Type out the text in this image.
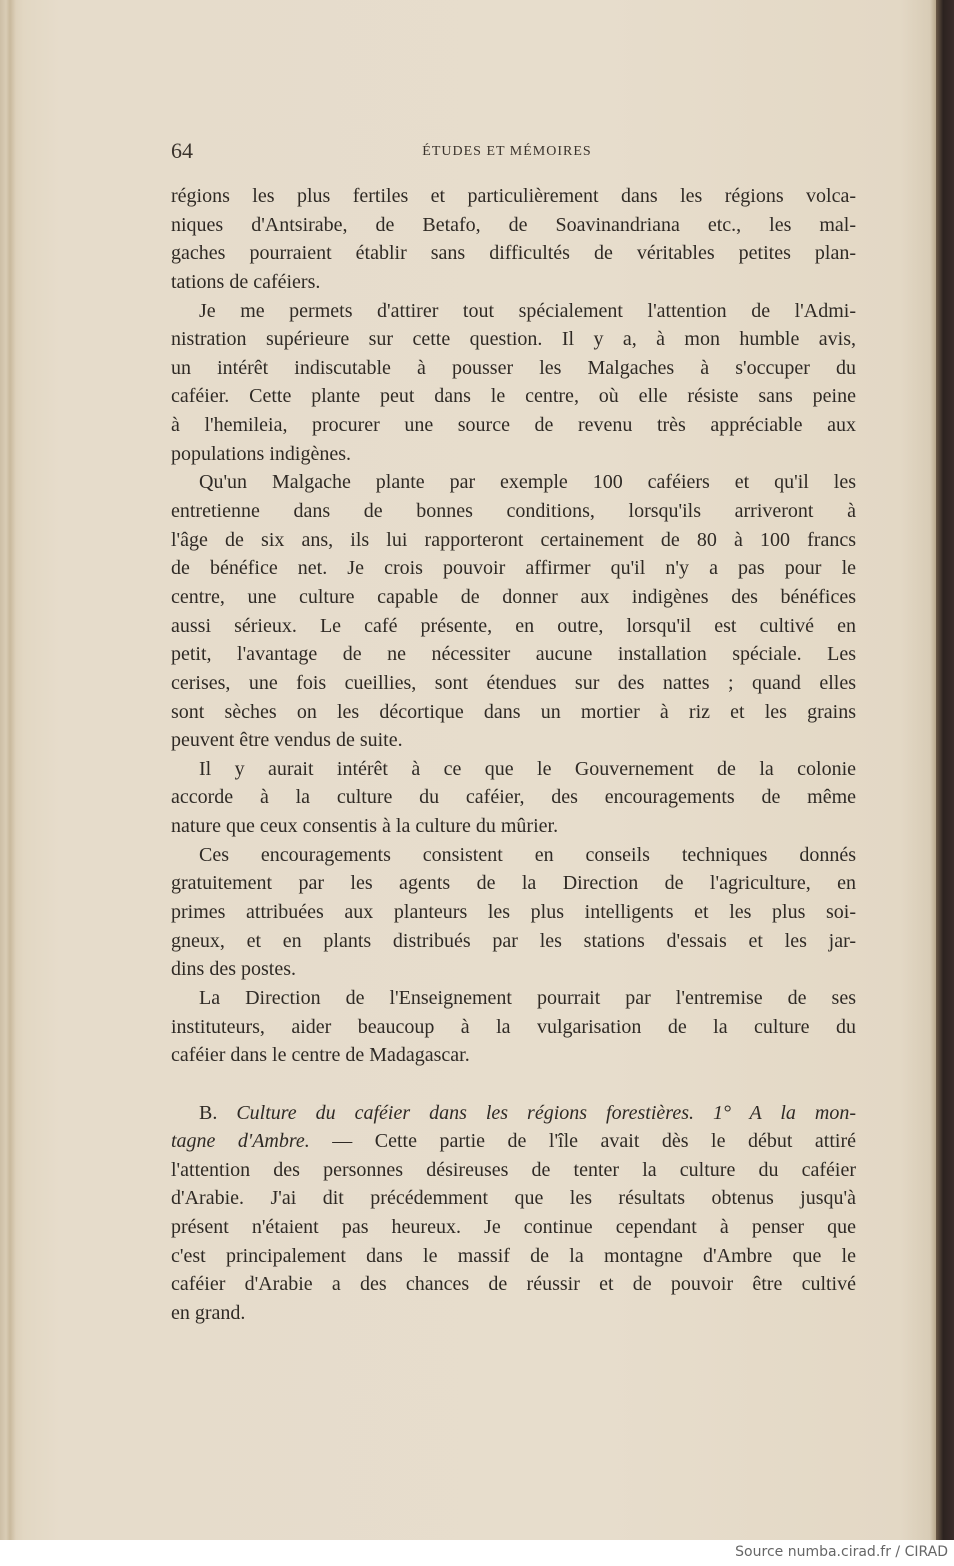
Source numba.cirad.fr / CIRAD
64	ÉTUDES ET MÉMOIRES
régions les plus fertiles et particulièrement dans les régions volca-
niques d'Antsirabe, de Betafo, de Soavinandriana etc., les mal-
gaches pourraient établir sans difficultés de véritables petites plan-
tations de caféiers.
Je me permets d'attirer tout spécialement l'attention de l'Admi-
nistration supérieure sur cette question. Il y a, à mon humble avis,
un intérêt indiscutable à pousser les Malgaches à s'occuper du
caféier. Cette plante peut dans le centre, où elle résiste sans peine
à l'hemileia, procurer une source de revenu très appréciable aux
populations indigènes.
Qu'un Malgache plante par exemple 100 caféiers et qu'il les
entretienne dans de bonnes conditions, lorsqu'ils arriveront à
l'âge de six ans, ils lui rapporteront certainement de 80 à 100 francs
de bénéfice net. Je crois pouvoir affirmer qu'il n'y a pas pour le
centre, une culture capable de donner aux indigènes des bénéfices
aussi sérieux. Le café présente, en outre, lorsqu'il est cultivé en
petit, l'avantage de ne nécessiter aucune installation spéciale. Les
cerises, une fois cueillies, sont étendues sur des nattes ; quand elles
sont sèches on les décortique dans un mortier à riz et les grains
peuvent être vendus de suite.
Il y aurait intérêt à ce que le Gouvernement de la colonie
accorde à la culture du caféier, des encouragements de même
nature que ceux consentis à la culture du mûrier.
Ces encouragements consistent en conseils techniques donnés
gratuitement par les agents de la Direction de l'agriculture, en
primes attribuées aux planteurs les plus intelligents et les plus soi-
gneux, et en plants distribués par les stations d'essais et les jar-
dins des postes.
La Direction de l'Enseignement pourrait par l'entremise de ses
instituteurs, aider beaucoup à la vulgarisation de la culture du
caféier dans le centre de Madagascar.
B. Culture du caféier dans les régions forestières. 1° A la mon-
tagne d'Ambre. — Cette partie de l'île avait dès le début attiré
l'attention des personnes désireuses de tenter la culture du caféier
d'Arabie. J'ai dit précédemment que les résultats obtenus jusqu'à
présent n'étaient pas heureux. Je continue cependant à penser que
c'est principalement dans le massif de la montagne d'Ambre que le
caféier d'Arabie a des chances de réussir et de pouvoir être cultivé
en grand.
